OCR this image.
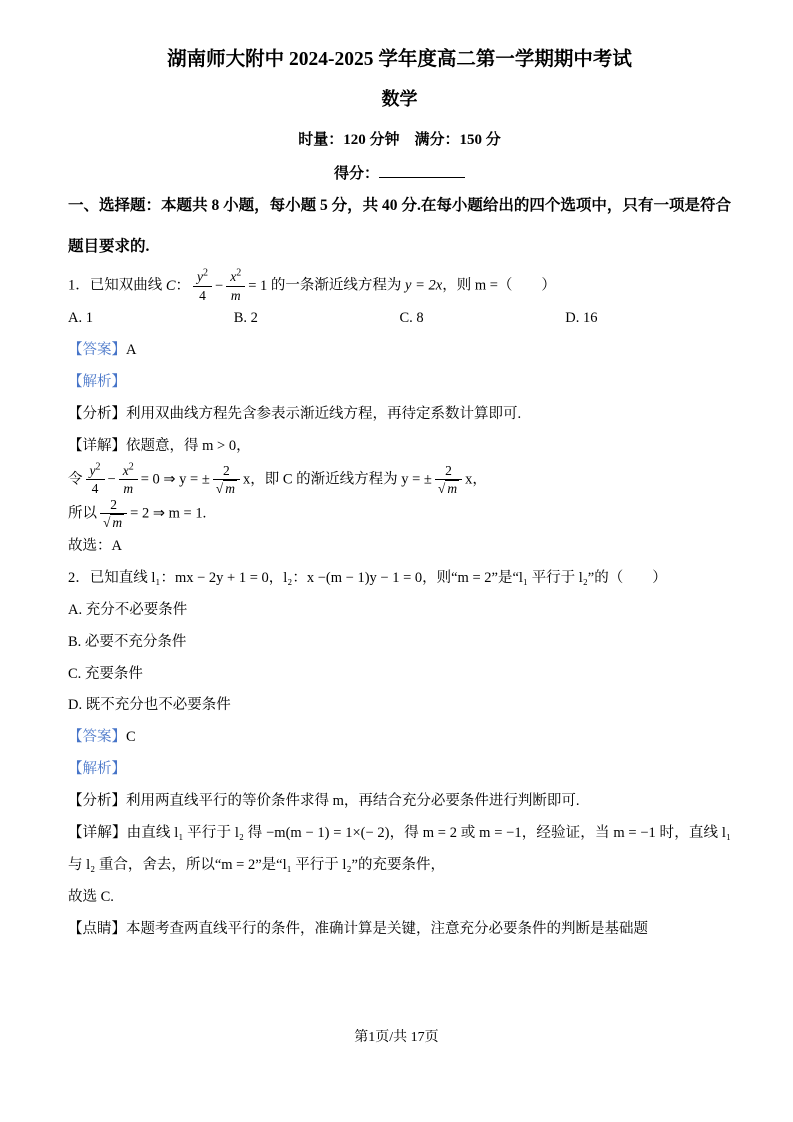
湖南师大附中 2024-2025 学年度高二第一学期期中考试
数学
时量：120 分钟　满分：150 分
得分：

一、选择题：本题共 8 小题，每小题 5 分，共 40 分.在每小题给出的四个选项中，只有一项是符合题目要求的.

1．已知双曲线 C： $\frac{y^2}{4} - \frac{x^2}{m} = 1$ 的一条渐近线方程为 y = 2x，则 m =（　　）

A. 1	B. 2	C. 8	D. 16

【答案】A

【解析】

【分析】利用双曲线方程先含参表示渐近线方程，再待定系数计算即可.

【详解】依题意，得 m > 0，

令 $\frac{y^2}{4} - \frac{x^2}{m} = 0$ ⇒ y = ± $\frac{2}{√ m}$ x，即 C 的渐近线方程为 y = ± $\frac{2}{√ m}$ x，

所以 $\frac{2}{√ m} = 2$ ⇒ m = 1.

故选：A

2．已知直线 l₁：mx − 2y + 1 = 0，l₂：x −(m − 1)y − 1 = 0，则“m = 2”是“l₁ 平行于 l₂”的（　　）

A. 充分不必要条件

B. 必要不充分条件

C. 充要条件

D. 既不充分也不必要条件

【答案】C

【解析】

【分析】利用两直线平行的等价条件求得 m，再结合充分必要条件进行判断即可.

【详解】由直线 l₁ 平行于 l₂ 得 −m(m − 1) = 1×(− 2)，得 m = 2 或 m = −1，经验证，当 m = −1 时，直线 l₁ 与 l₂ 重合，舍去，所以“m = 2”是“l₁ 平行于 l₂”的充要条件，

故选 C.

【点睛】本题考查两直线平行的条件，准确计算是关键，注意充分必要条件的判断是基础题

第1页/共 17页
